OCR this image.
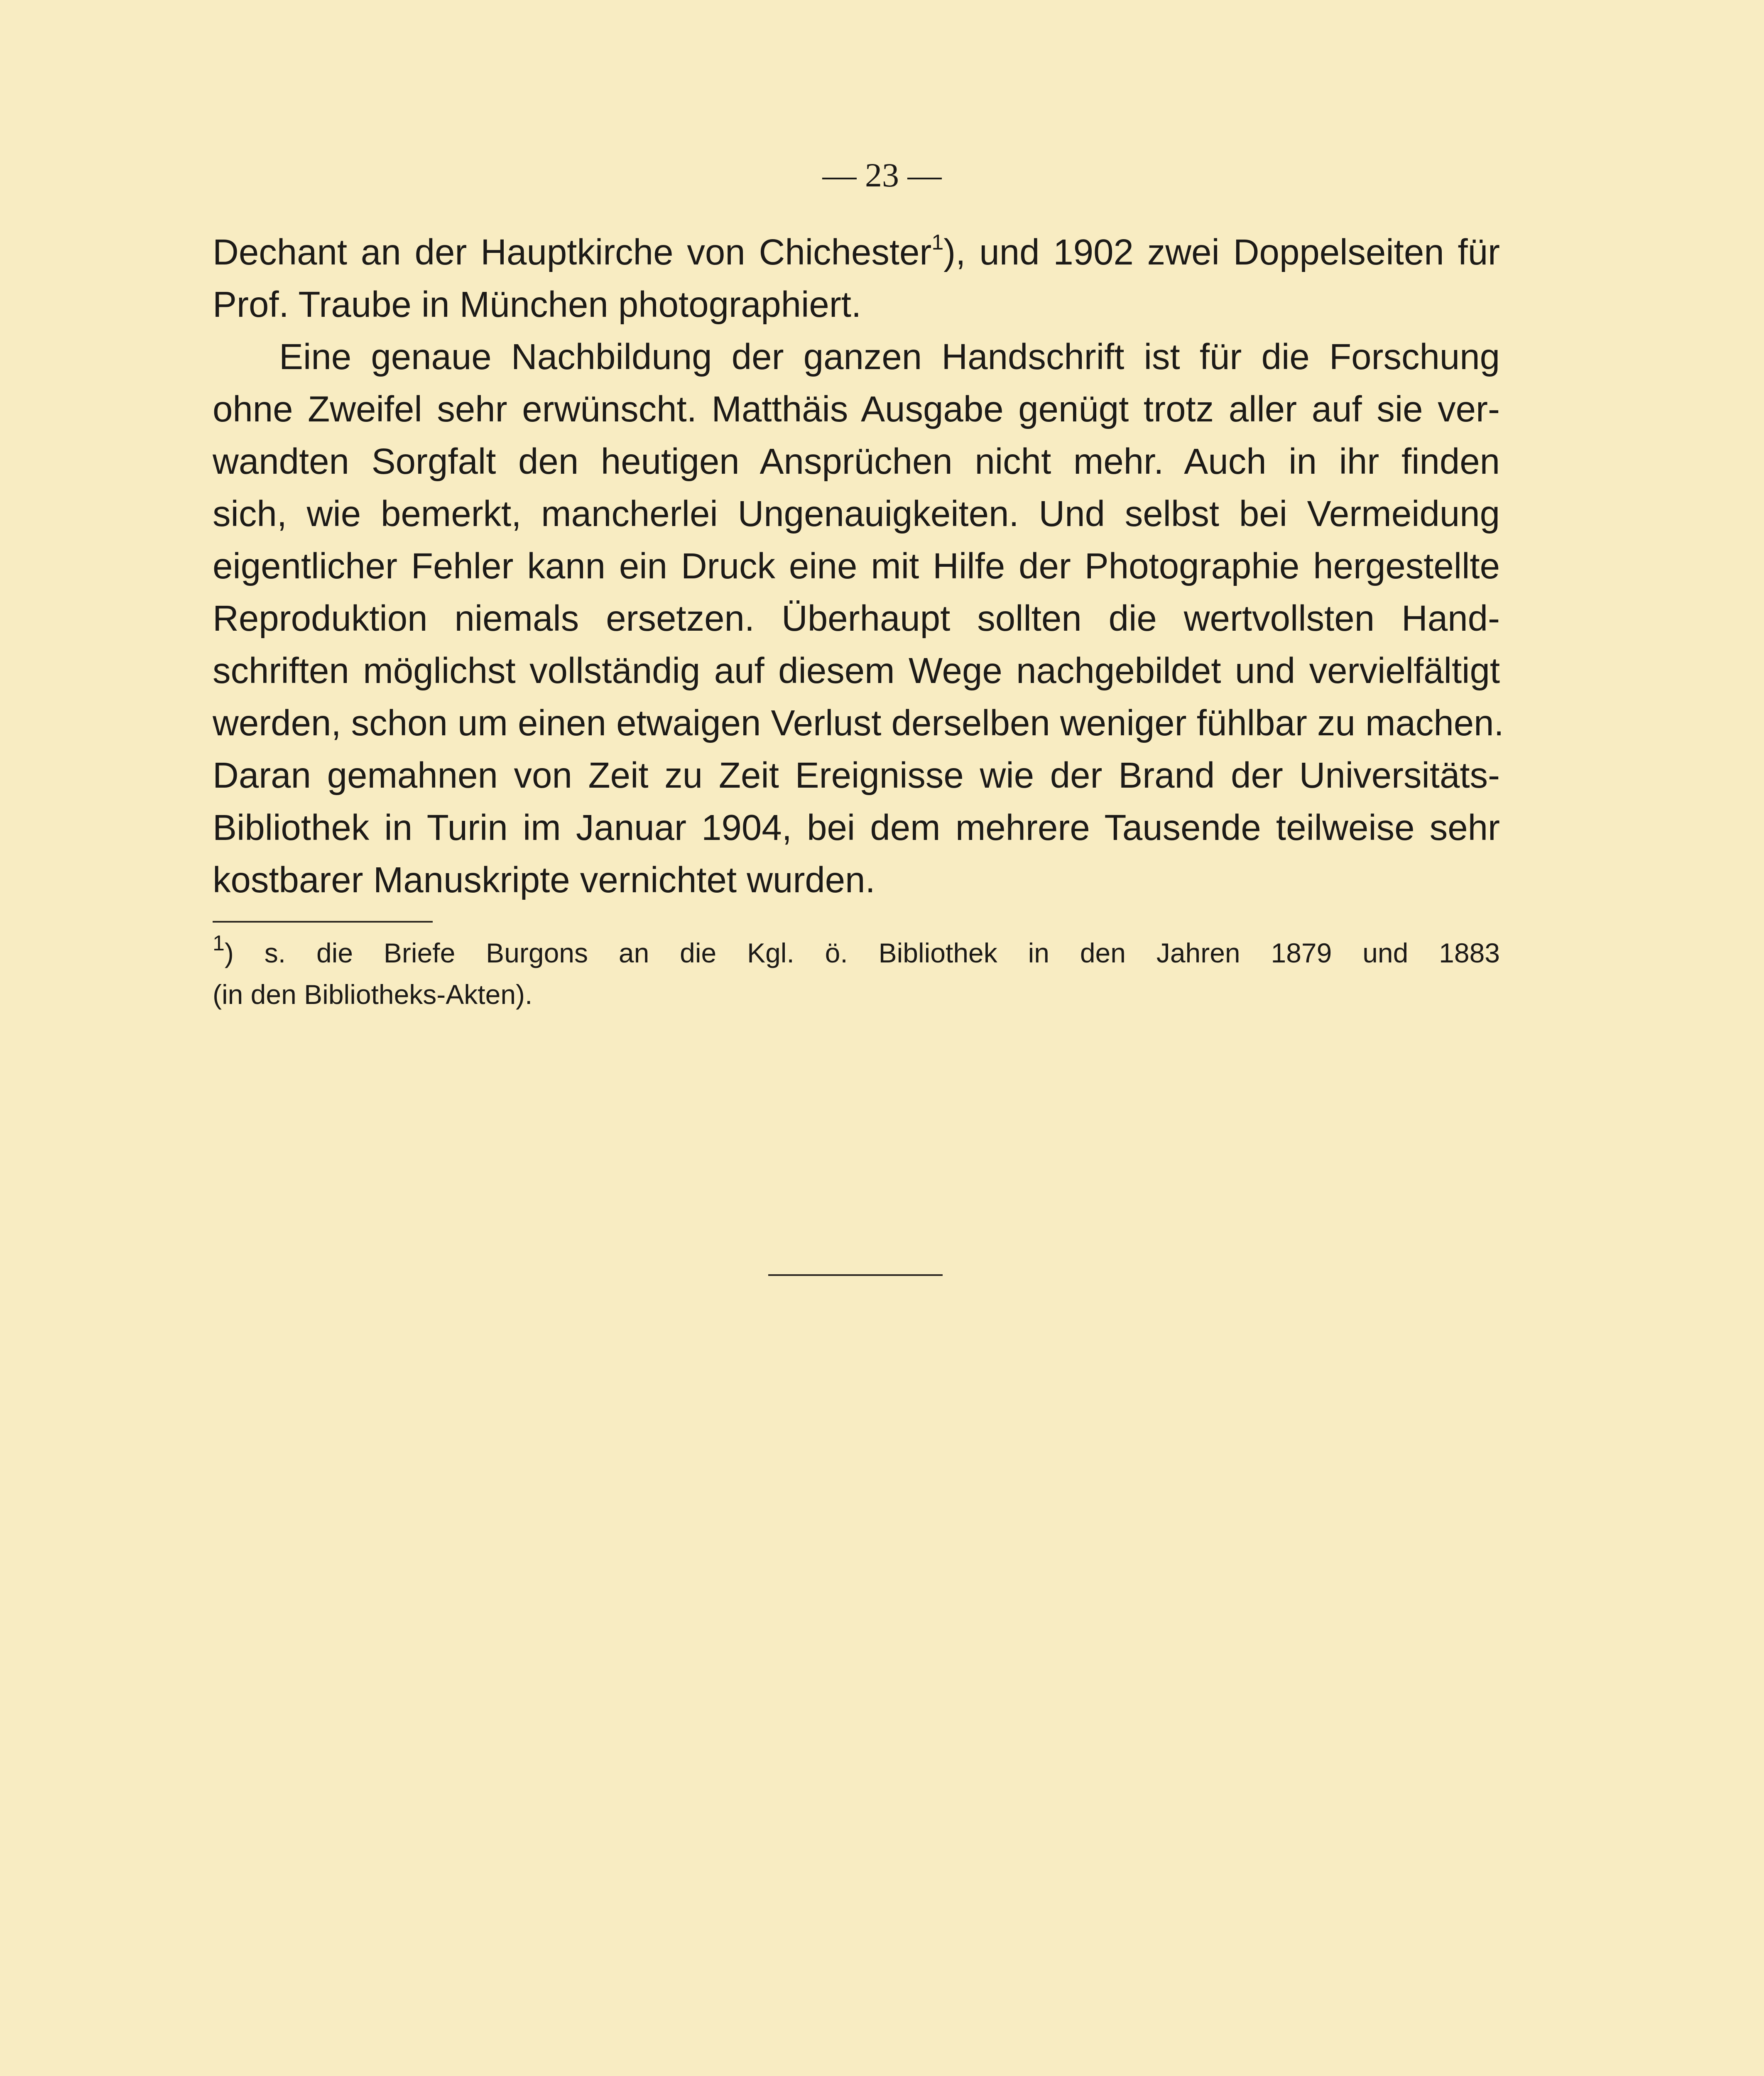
— 23 —
Dechant an der Hauptkirche von Chichester$^1$), und 1902 zwei Doppelseiten für
Prof. Traube in München photographiert.
Eine genaue Nachbildung der ganzen Handschrift ist für die Forschung
ohne Zweifel sehr erwünscht. Matthäis Ausgabe genügt trotz aller auf sie ver-
wandten Sorgfalt den heutigen Ansprüchen nicht mehr. Auch in ihr finden
sich, wie bemerkt, mancherlei Ungenauigkeiten. Und selbst bei Vermeidung
eigentlicher Fehler kann ein Druck eine mit Hilfe der Photographie hergestellte
Reproduktion niemals ersetzen. Überhaupt sollten die wertvollsten Hand-
schriften möglichst vollständig auf diesem Wege nachgebildet und vervielfältigt
werden, schon um einen etwaigen Verlust derselben weniger fühlbar zu machen.
Daran gemahnen von Zeit zu Zeit Ereignisse wie der Brand der Universitäts-
Bibliothek in Turin im Januar 1904, bei dem mehrere Tausende teilweise sehr
kostbarer Manuskripte vernichtet wurden.
$^1$) s. die Briefe Burgons an die Kgl. ö. Bibliothek in den Jahren 1879 und 1883
(in den Bibliotheks-Akten).
